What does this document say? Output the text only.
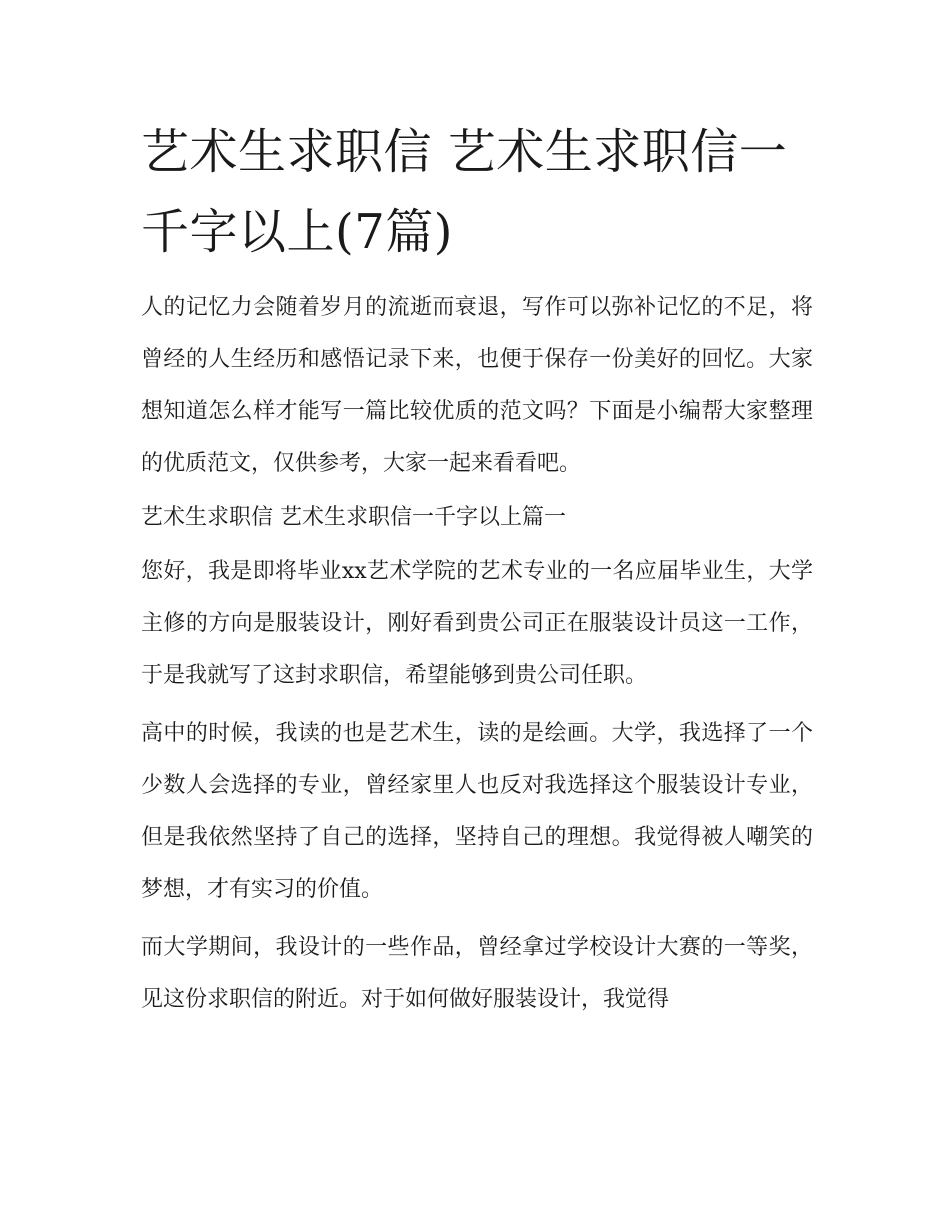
艺术生求职信 艺术生求职信一千字以上(7篇)

人的记忆力会随着岁月的流逝而衰退，写作可以弥补记忆的不足，将曾经的人生经历和感悟记录下来，也便于保存一份美好的回忆。大家想知道怎么样才能写一篇比较优质的范文吗？下面是小编帮大家整理的优质范文，仅供参考，大家一起来看看吧。

艺术生求职信 艺术生求职信一千字以上篇一

您好，我是即将毕业xx艺术学院的艺术专业的一名应届毕业生，大学主修的方向是服装设计，刚好看到贵公司正在服装设计员这一工作，于是我就写了这封求职信，希望能够到贵公司任职。

高中的时候，我读的也是艺术生，读的是绘画。大学，我选择了一个少数人会选择的专业，曾经家里人也反对我选择这个服装设计专业，但是我依然坚持了自己的选择，坚持自己的理想。我觉得被人嘲笑的梦想，才有实习的价值。

而大学期间，我设计的一些作品，曾经拿过学校设计大赛的一等奖，见这份求职信的附近。对于如何做好服装设计，我觉得
